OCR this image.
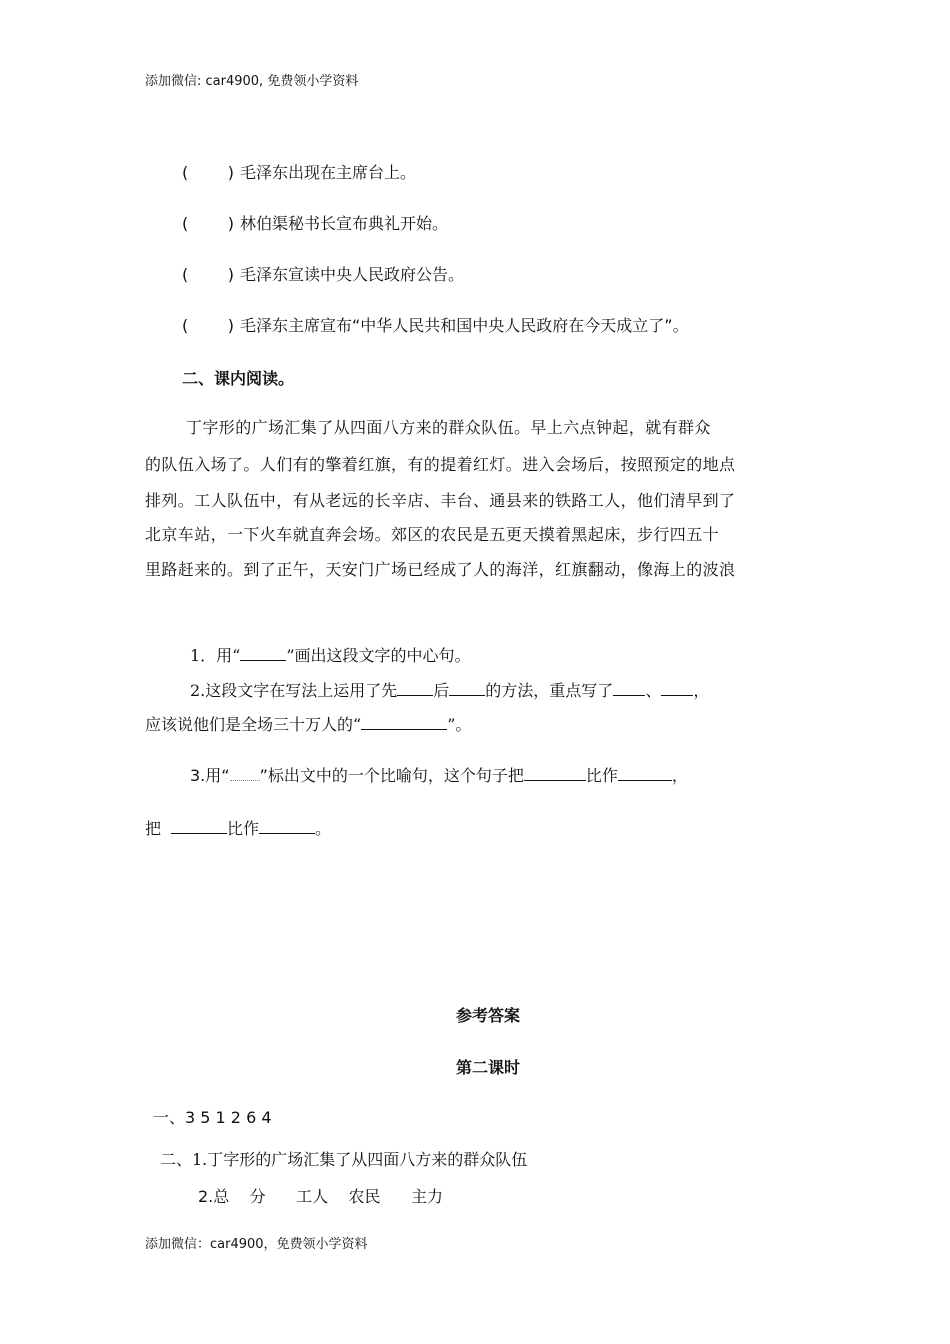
添加微信: car4900, 免费领小学资料
( ) 毛泽东出现在主席台上。
( ) 林伯渠秘书长宣布典礼开始。
( ) 毛泽东宣读中央人民政府公告。
( ) 毛泽东主席宣布“中华人民共和国中央人民政府在今天成立了”。
二、课内阅读。
丁字形的广场汇集了从四面八方来的群众队伍。早上六点钟起，就有群众
的队伍入场了。人们有的擎着红旗，有的提着红灯。进入会场后，按照预定的地点
排列。工人队伍中，有从老远的长辛店、丰台、通县来的铁路工人，他们清早到了
北京车站，一下火车就直奔会场。郊区的农民是五更天摸着黑起床，步行四五十
里路赶来的。到了正午，天安门广场已经成了人的海洋，红旗翻动，像海上的波浪
1．用“	”画出这段文字的中心句。
2.这段文字在写法上运用了先 后 的方法，重点写了 、 ，
应该说他们是全场三十万人的“	”。
3.用“ ”标出文中的一个比喻句，这个句子把	比作	，
把	比作	。
参考答案
第二课时
一、3 5 1 2 6 4
二、1.丁字形的广场汇集了从四面八方来的群众队伍
2.总    分      工人    农民      主力
添加微信：car4900，免费领小学资料
